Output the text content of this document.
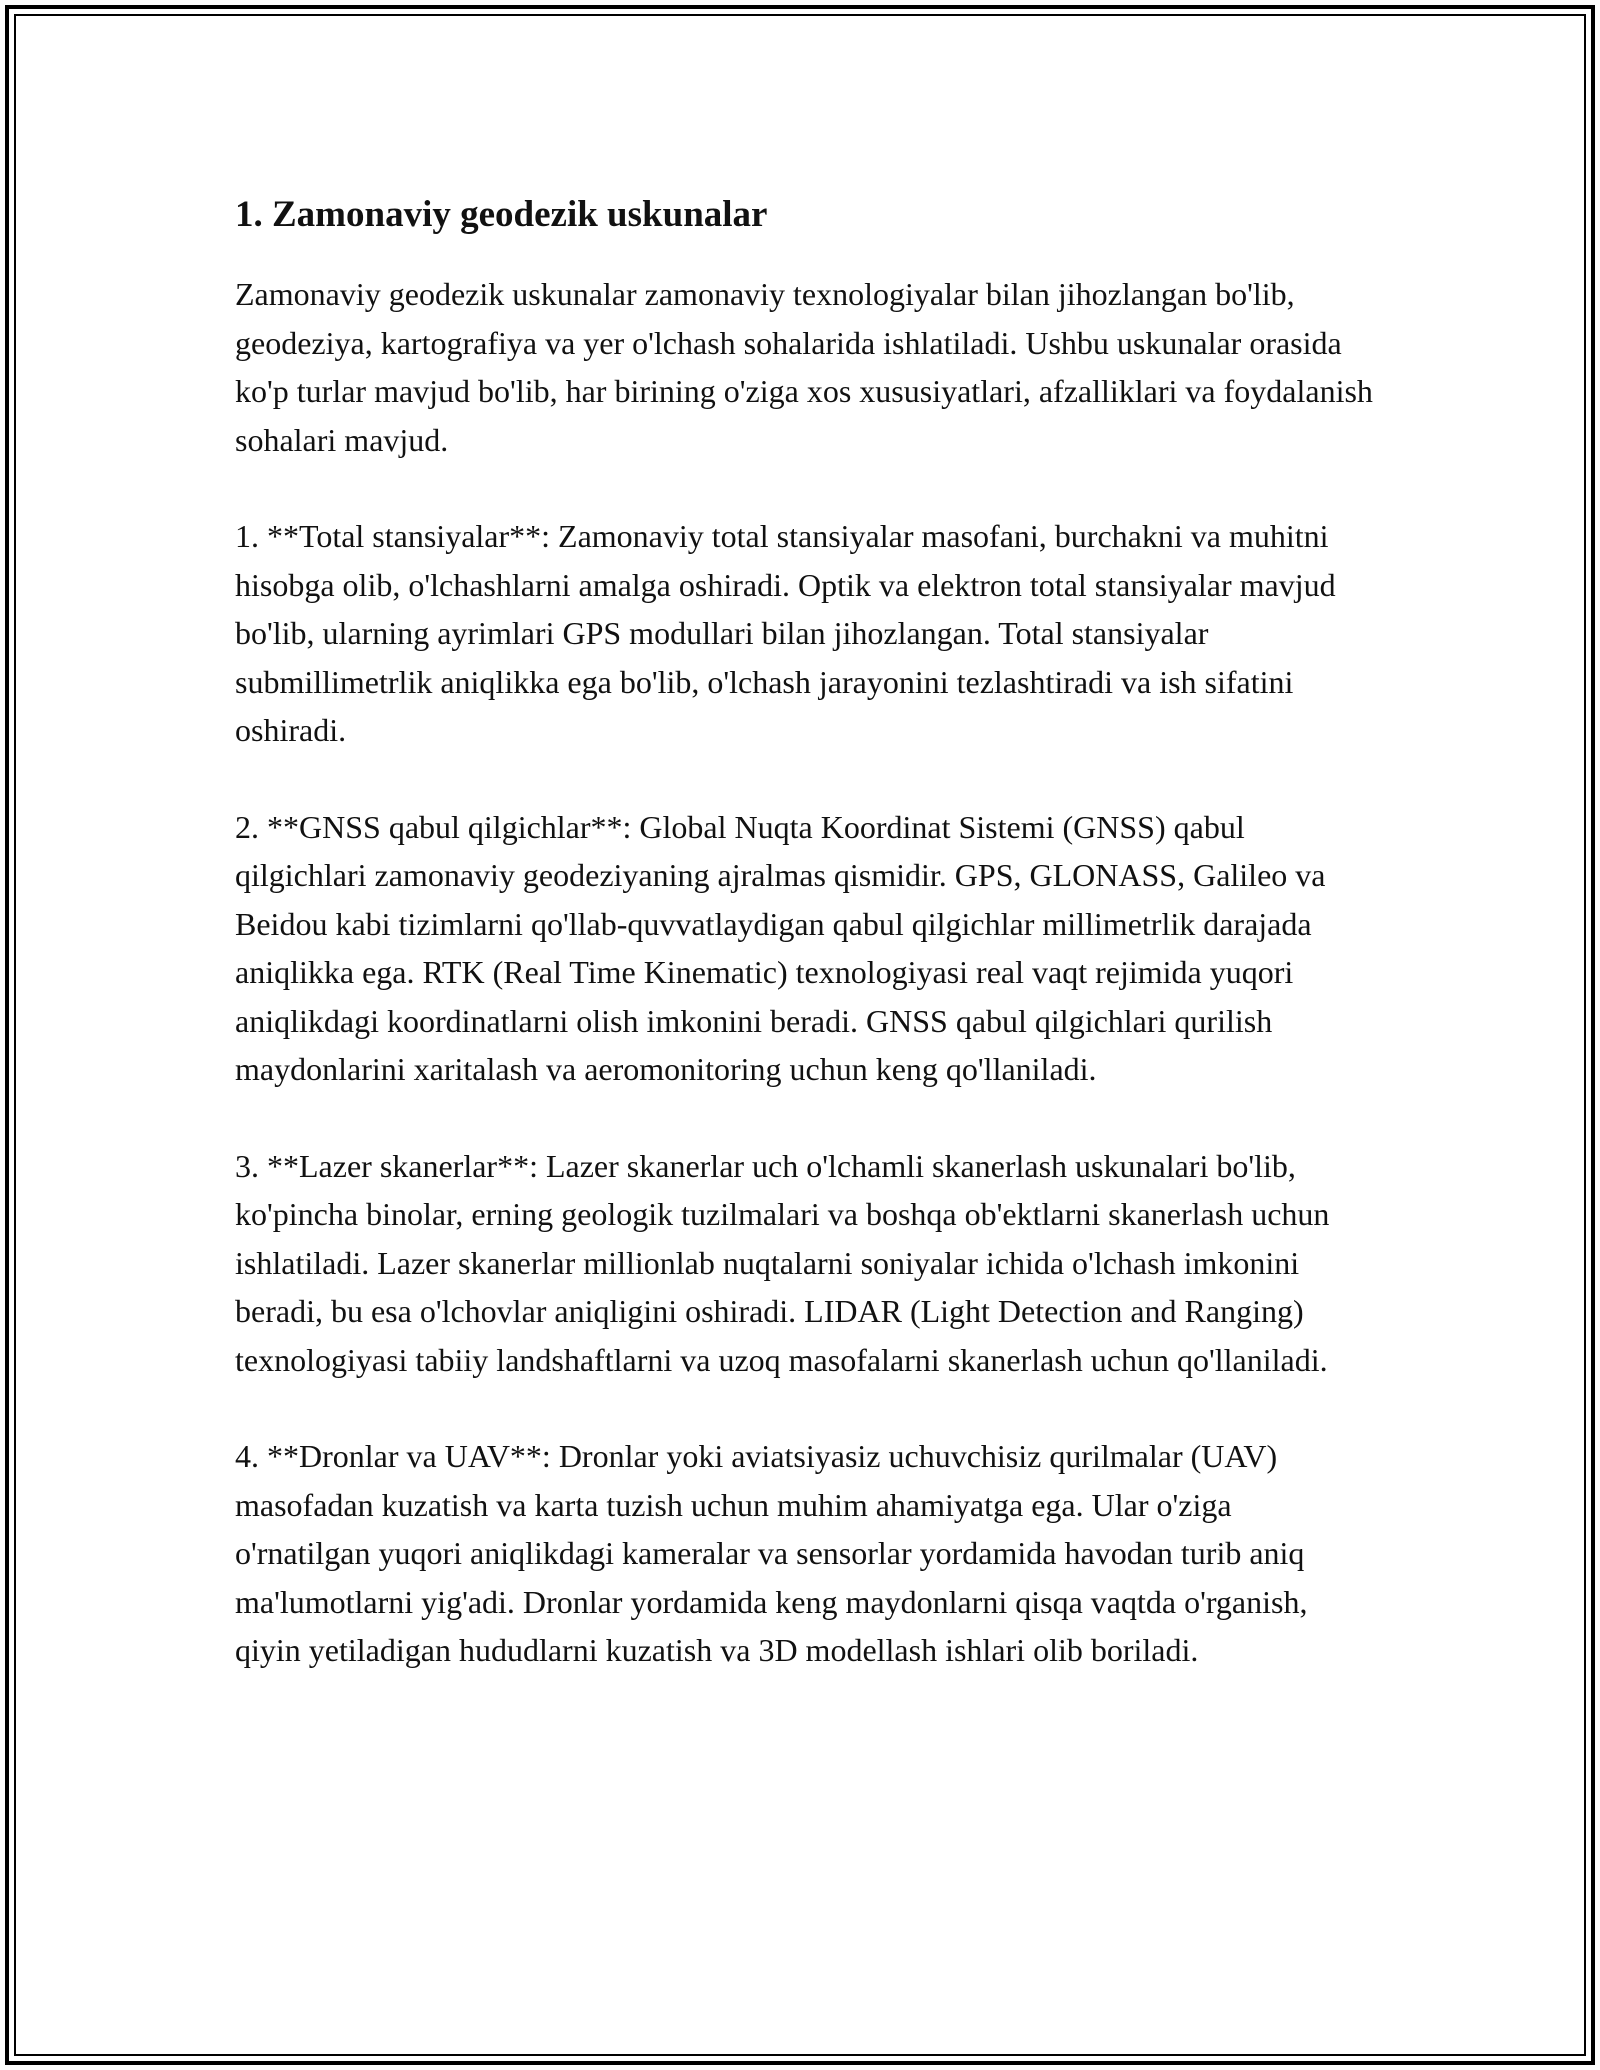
1. Zamonaviy geodezik uskunalar

Zamonaviy geodezik uskunalar zamonaviy texnologiyalar bilan jihozlangan bo'lib, geodeziya, kartografiya va yer o'lchash sohalarida ishlatiladi. Ushbu uskunalar orasida ko'p turlar mavjud bo'lib, har birining o'ziga xos xususiyatlari, afzalliklari va foydalanish sohalari mavjud.

1. **Total stansiyalar**: Zamonaviy total stansiyalar masofani, burchakni va muhitni hisobga olib, o'lchashlarni amalga oshiradi. Optik va elektron total stansiyalar mavjud bo'lib, ularning ayrimlari GPS modullari bilan jihozlangan. Total stansiyalar submillimetrlik aniqlikka ega bo'lib, o'lchash jarayonini tezlashtiradi va ish sifatini oshiradi.

2. **GNSS qabul qilgichlar**: Global Nuqta Koordinat Sistemi (GNSS) qabul qilgichlari zamonaviy geodeziyaning ajralmas qismidir. GPS, GLONASS, Galileo va Beidou kabi tizimlarni qo'llab-quvvatlaydigan qabul qilgichlar millimetrlik darajada aniqlikka ega. RTK (Real Time Kinematic) texnologiyasi real vaqt rejimida yuqori aniqlikdagi koordinatlarni olish imkonini beradi. GNSS qabul qilgichlari qurilish maydonlarini xaritalash va aeromonitoring uchun keng qo'llaniladi.

3. **Lazer skanerlar**: Lazer skanerlar uch o'lchamli skanerlash uskunalari bo'lib, ko'pincha binolar, erning geologik tuzilmalari va boshqa ob'ektlarni skanerlash uchun ishlatiladi. Lazer skanerlar millionlab nuqtalarni soniyalar ichida o'lchash imkonini beradi, bu esa o'lchovlar aniqligini oshiradi. LIDAR (Light Detection and Ranging) texnologiyasi tabiiy landshaftlarni va uzoq masofalarni skanerlash uchun qo'llaniladi.

4. **Dronlar va UAV**: Dronlar yoki aviatsiyasiz uchuvchisiz qurilmalar (UAV) masofadan kuzatish va karta tuzish uchun muhim ahamiyatga ega. Ular o'ziga o'rnatilgan yuqori aniqlikdagi kameralar va sensorlar yordamida havodan turib aniq ma'lumotlarni yig'adi. Dronlar yordamida keng maydonlarni qisqa vaqtda o'rganish, qiyin yetiladigan hududlarni kuzatish va 3D modellash ishlari olib boriladi.
